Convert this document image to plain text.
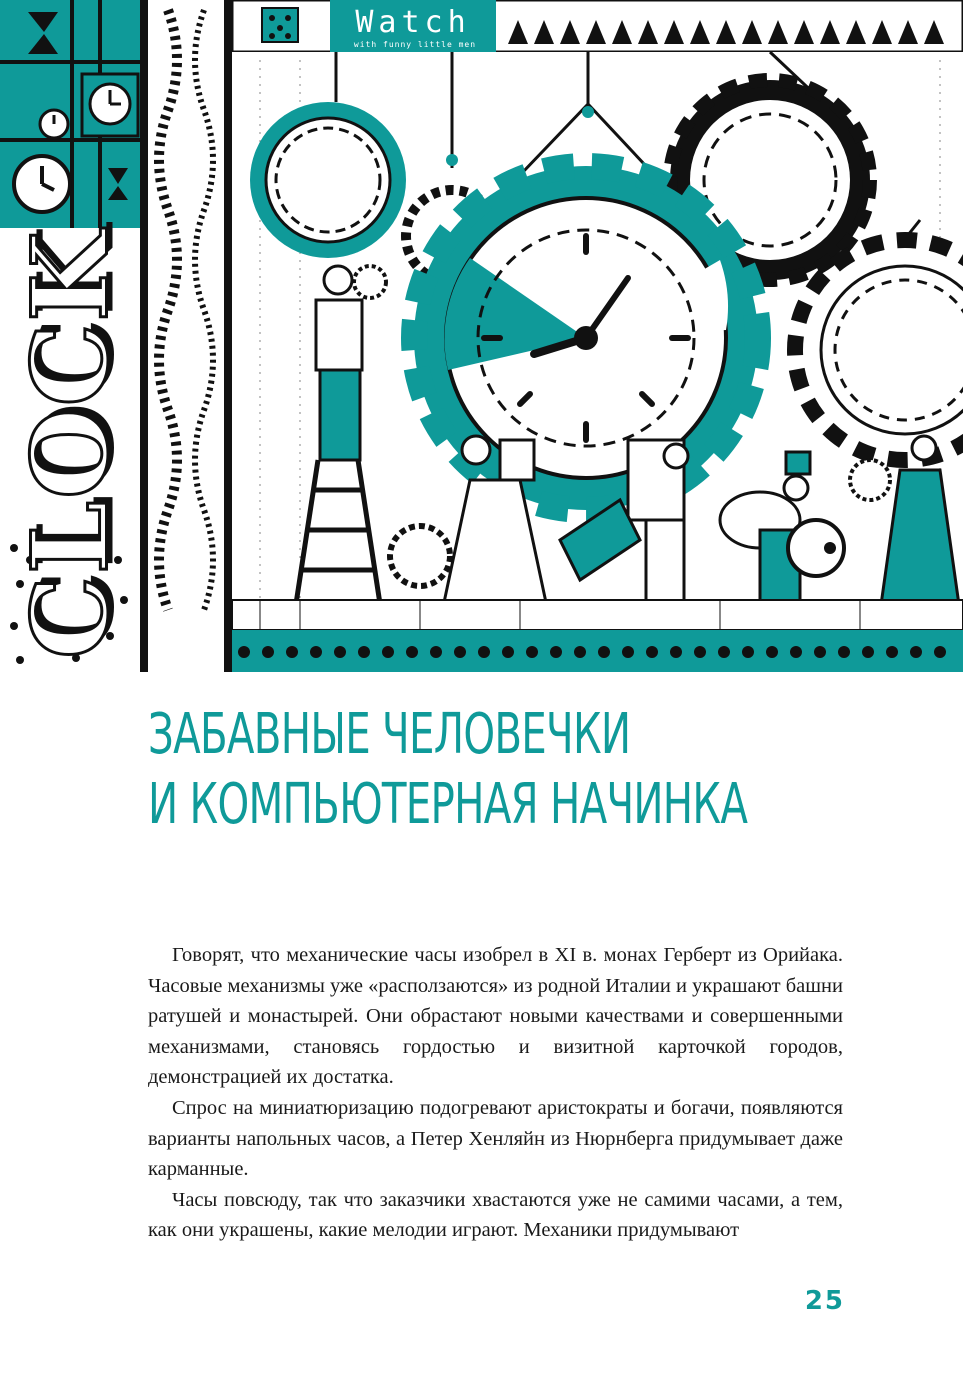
Watch
with funny little men
CLOCK
ЗАБАВНЫЕ ЧЕЛОВЕЧКИ
И КОМПЬЮТЕРНАЯ НАЧИНКА

Говорят, что механические часы изобрел в XI в. монах Герберт из Орийака. Часовые механизмы уже «расползаются» из родной Италии и украшают башни ратушей и монастырей. Они обрастают новыми качествами и совершенными механизмами, становясь гордостью и визитной карточкой городов, демонстрацией их достатка.

Спрос на миниатюризацию подогревают аристократы и богачи, появляются варианты напольных часов, а Петер Хенляйн из Нюрнберга придумывает даже карманные.

Часы повсюду, так что заказчики хвастаются уже не самими часами, а тем, как они украшены, какие мелодии играют. Механики придумывают

25
